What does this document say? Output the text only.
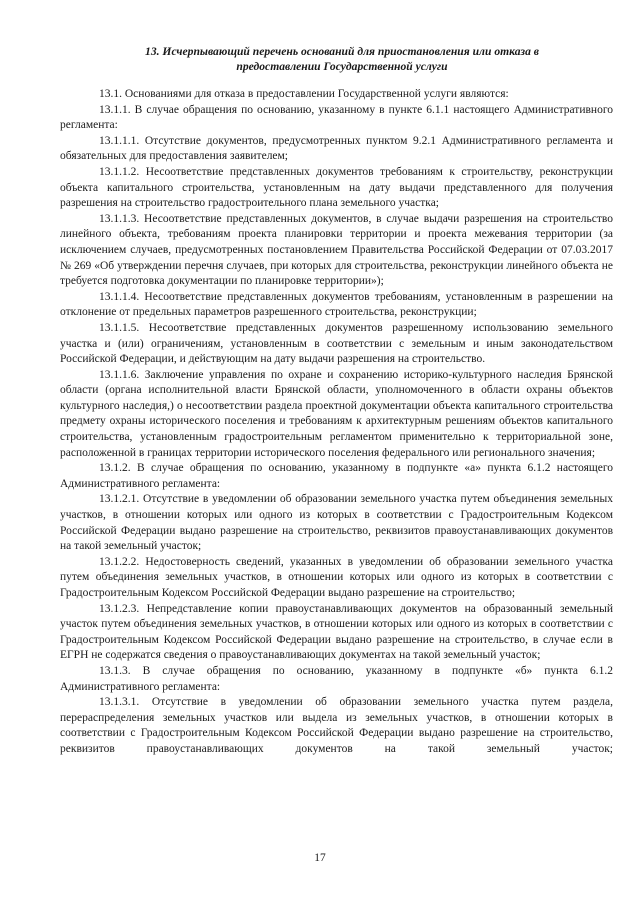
13. Исчерпывающий перечень оснований для приостановления или отказа в
предоставлении Государственной услуги

13.1. Основаниями для отказа в предоставлении Государственной услуги являются:

13.1.1. В случае обращения по основанию, указанному в пункте 6.1.1 настоящего Административного регламента:

13.1.1.1. Отсутствие документов, предусмотренных пунктом 9.2.1 Административного регламента и обязательных для предоставления заявителем;

13.1.1.2. Несоответствие представленных документов требованиям к строительству, реконструкции объекта капитального строительства, установленным на дату выдачи представленного для получения разрешения на строительство градостроительного плана земельного участка;

13.1.1.3. Несоответствие представленных документов, в случае выдачи разрешения на строительство линейного объекта, требованиям проекта планировки территории и проекта межевания территории (за исключением случаев, предусмотренных постановлением Правительства Российской Федерации от 07.03.2017 № 269 «Об утверждении перечня случаев, при которых для строительства, реконструкции линейного объекта не требуется подготовка документации по планировке территории»);

13.1.1.4. Несоответствие представленных документов требованиям, установленным в разрешении на отклонение от предельных параметров разрешенного строительства, реконструкции;

13.1.1.5. Несоответствие представленных документов разрешенному использованию земельного участка и (или) ограничениям, установленным в соответствии с земельным и иным законодательством Российской Федерации, и действующим на дату выдачи разрешения на строительство.

13.1.1.6. Заключение управления по охране и сохранению историко-культурного наследия Брянской области (органа исполнительной власти Брянской области, уполномоченного в области охраны объектов культурного наследия,) о несоответствии раздела проектной документации объекта капитального строительства предмету охраны исторического поселения и требованиям к архитектурным решениям объектов капитального строительства, установленным градостроительным регламентом применительно к территориальной зоне, расположенной в границах территории исторического поселения федерального или регионального значения;

13.1.2. В случае обращения по основанию, указанному в подпункте «а» пункта 6.1.2 настоящего Административного регламента:

13.1.2.1. Отсутствие в уведомлении об образовании земельного участка путем объединения земельных участков, в отношении которых или одного из которых в соответствии с Градостроительным Кодексом Российской Федерации выдано разрешение на строительство, реквизитов правоустанавливающих документов на такой земельный участок;

13.1.2.2. Недостоверность сведений, указанных в уведомлении об образовании земельного участка путем объединения земельных участков, в отношении которых или одного из которых в соответствии с Градостроительным Кодексом Российской Федерации выдано разрешение на строительство;

13.1.2.3. Непредставление копии правоустанавливающих документов на образованный земельный участок путем объединения земельных участков, в отношении которых или одного из которых в соответствии с Градостроительным Кодексом Российской Федерации выдано разрешение на строительство, в случае если в ЕГРН не содержатся сведения о правоустанавливающих документах на такой земельный участок;

13.1.3. В случае обращения по основанию, указанному в подпункте «б» пункта 6.1.2 Административного регламента:

13.1.3.1. Отсутствие в уведомлении об образовании земельного участка путем раздела, перераспределения земельных участков или выдела из земельных участков, в отношении которых в соответствии с Градостроительным Кодексом Российской Федерации выдано разрешение на строительство, реквизитов правоустанавливающих документов на такой земельный участок;

17
